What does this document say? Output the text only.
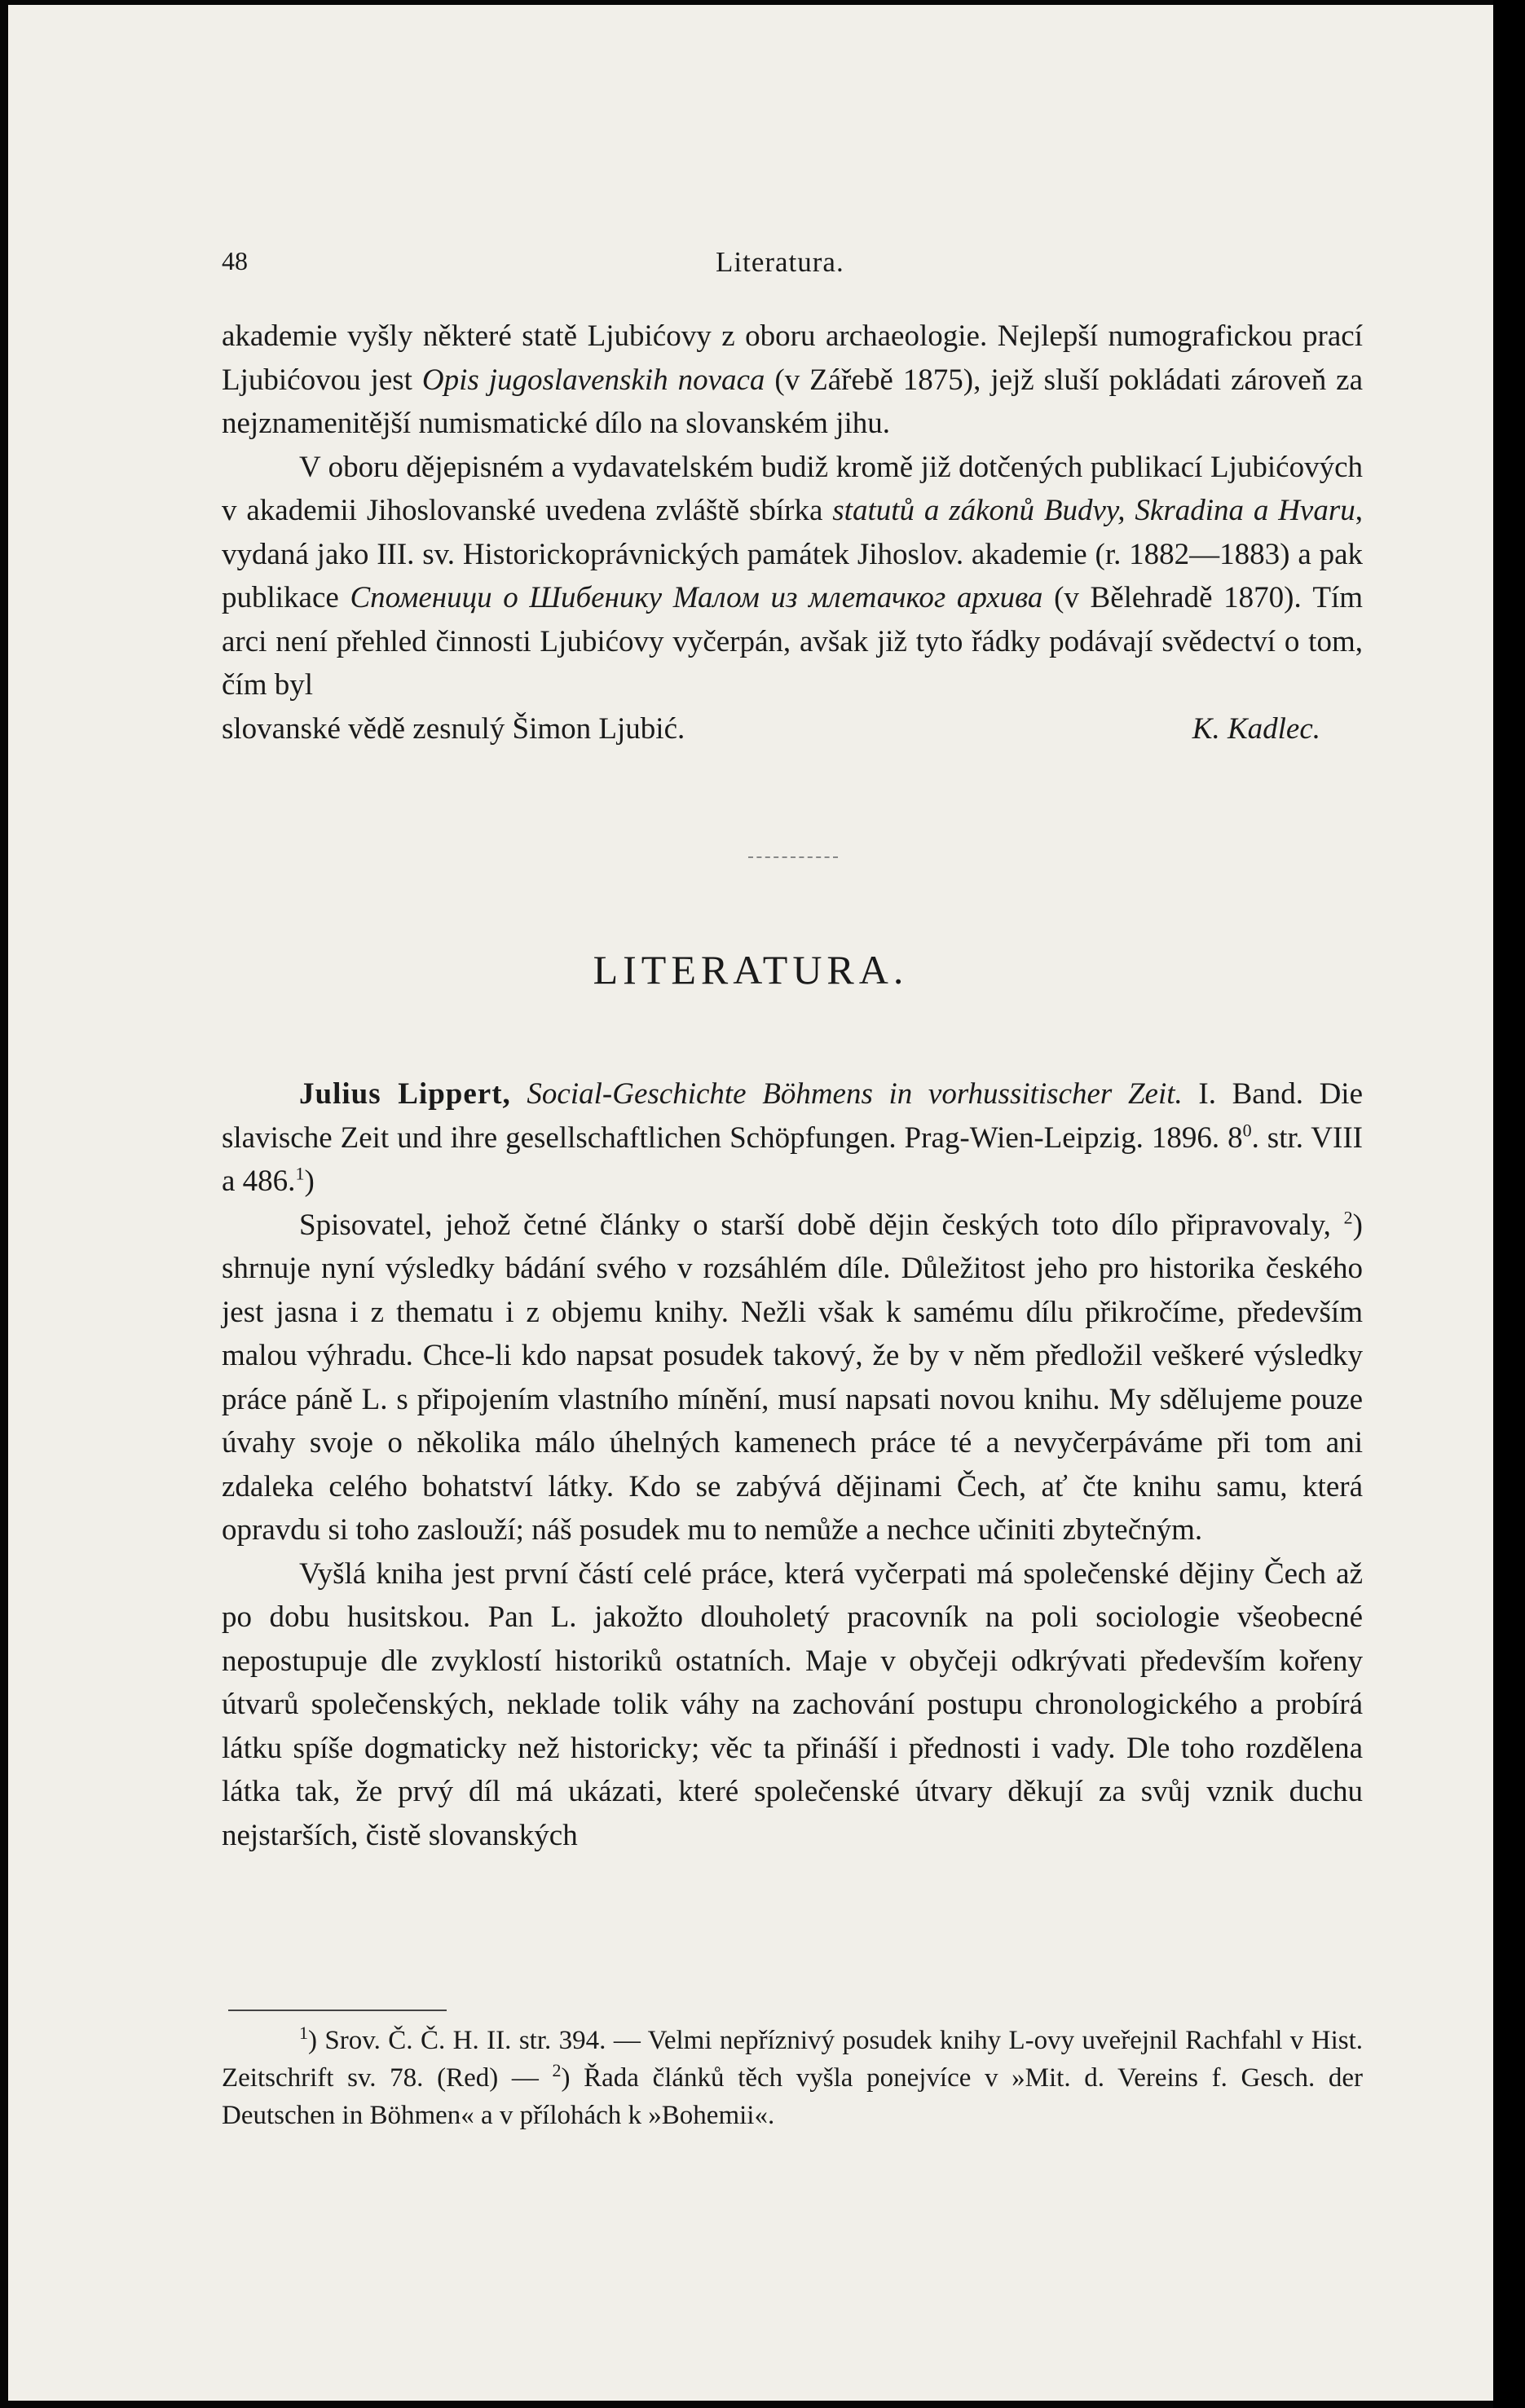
48	Literatura.

akademie vyšly některé statě Ljubićovy z oboru archaeologie. Nejlepší numografickou prací Ljubićovou jest Opis jugoslavenskih novaca (v Zářebě 1875), jejž sluší pokládati zároveň za nejznamenitější numismatické dílo na slovanském jihu.

V oboru dějepisném a vydavatelském budiž kromě již dotčených publikací Ljubićových v akademii Jihoslovanské uvedena zvláště sbírka statutů a zákonů Budvy, Skradina a Hvaru, vydaná jako III. sv. Historickoprávnických památek Jihoslov. akademie (r. 1882—1883) a pak publikace Споменици о Шибенику Малом из млетачког архива (v Bělehradě 1870). Tím arci není přehled činnosti Ljubićovy vyčerpán, avšak již tyto řádky podávají svědectví o tom, čím byl

slovanské vědě zesnulý Šimon Ljubić.	K. Kadlec.
LITERATURA.

Julius Lippert, Social-Geschichte Böhmens in vorhussitischer Zeit. I. Band. Die slavische Zeit und ihre gesellschaftlichen Schöpfungen. Prag-Wien-Leipzig. 1896. 8$^0$. str. VIII a 486.$^1$)

Spisovatel, jehož četné články o starší době dějin českých toto dílo připravovaly, $^2$) shrnuje nyní výsledky bádání svého v rozsáhlém díle. Důležitost jeho pro historika českého jest jasna i z thematu i z objemu knihy. Nežli však k samému dílu přikročíme, především malou výhradu. Chce-li kdo napsat posudek takový, že by v něm předložil veškeré výsledky práce páně L. s připojením vlastního mínění, musí napsati novou knihu. My sdělujeme pouze úvahy svoje o několika málo úhelných kamenech práce té a nevyčerpáváme při tom ani zdaleka celého bohatství látky. Kdo se zabývá dějinami Čech, ať čte knihu samu, která opravdu si toho zaslouží; náš posudek mu to nemůže a nechce učiniti zbytečným.

Vyšlá kniha jest první částí celé práce, která vyčerpati má společenské dějiny Čech až po dobu husitskou. Pan L. jakožto dlouholetý pracovník na poli sociologie všeobecné nepostupuje dle zvyklostí historiků ostatních. Maje v obyčeji odkrývati především kořeny útvarů společenských, neklade tolik váhy na zachování postupu chronologického a probírá látku spíše dogmaticky než historicky; věc ta přináší i přednosti i vady. Dle toho rozdělena látka tak, že prvý díl má ukázati, které společenské útvary děkují za svůj vznik duchu nejstarších, čistě slovanských

$^1$) Srov. Č. Č. H. II. str. 394. — Velmi nepříznivý posudek knihy L-ovy uveřejnil Rachfahl v Hist. Zeitschrift sv. 78. (Red) — $^2$) Řada článků těch vyšla ponejvíce v »Mit. d. Vereins f. Gesch. der Deutschen in Böhmen« a v přílohách k »Bohemii«.
